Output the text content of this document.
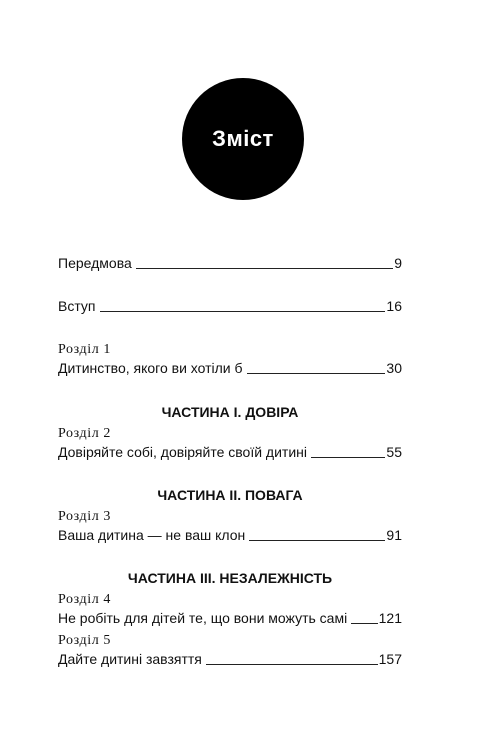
Зміст
Передмова	9
Вступ	16
Розділ 1
Дитинство, якого ви хотіли б	30
ЧАСТИНА І. ДОВІРА
Розділ 2
Довіряйте собі, довіряйте своїй дитині	55
ЧАСТИНА ІІ. ПОВАГА
Розділ 3
Ваша дитина — не ваш клон	91
ЧАСТИНА ІІІ. НЕЗАЛЕЖНІСТЬ
Розділ 4
Не робіть для дітей те, що вони можуть самі 121
Розділ 5
Дайте дитині завзяття	157
